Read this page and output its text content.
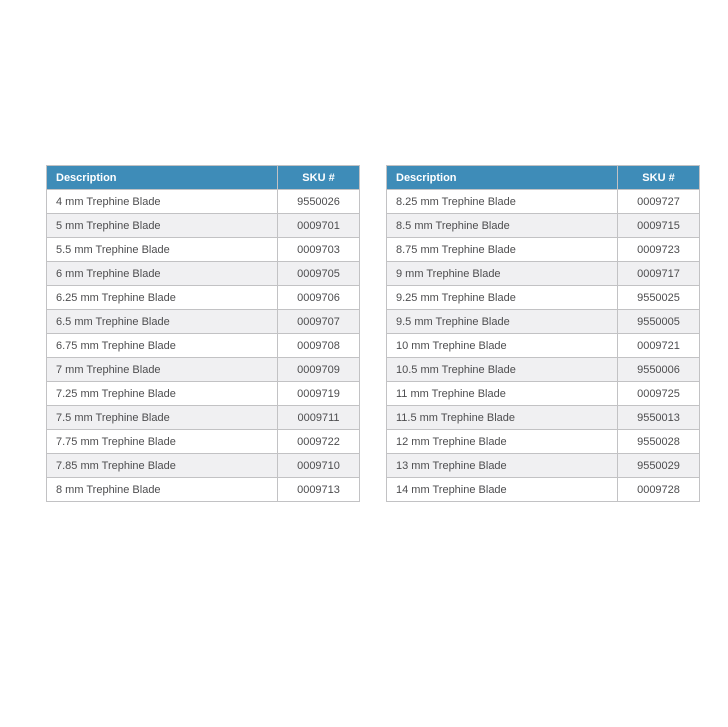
Description	SKU #
4 mm Trephine Blade	9550026
5 mm Trephine Blade	0009701
5.5 mm Trephine Blade	0009703
6 mm Trephine Blade	0009705
6.25 mm Trephine Blade	0009706
6.5 mm Trephine Blade	0009707
6.75 mm Trephine Blade	0009708
7 mm Trephine Blade	0009709
7.25 mm Trephine Blade	0009719
7.5 mm Trephine Blade	0009711
7.75 mm Trephine Blade	0009722
7.85 mm Trephine Blade	0009710
8 mm Trephine Blade	0009713
Description	SKU #
8.25 mm Trephine Blade	0009727
8.5 mm Trephine Blade	0009715
8.75 mm Trephine Blade	0009723
9 mm Trephine Blade	0009717
9.25 mm Trephine Blade	9550025
9.5 mm Trephine Blade	9550005
10 mm Trephine Blade	0009721
10.5 mm Trephine Blade	9550006
11 mm Trephine Blade	0009725
11.5 mm Trephine Blade	9550013
12 mm Trephine Blade	9550028
13 mm Trephine Blade	9550029
14 mm Trephine Blade	0009728
